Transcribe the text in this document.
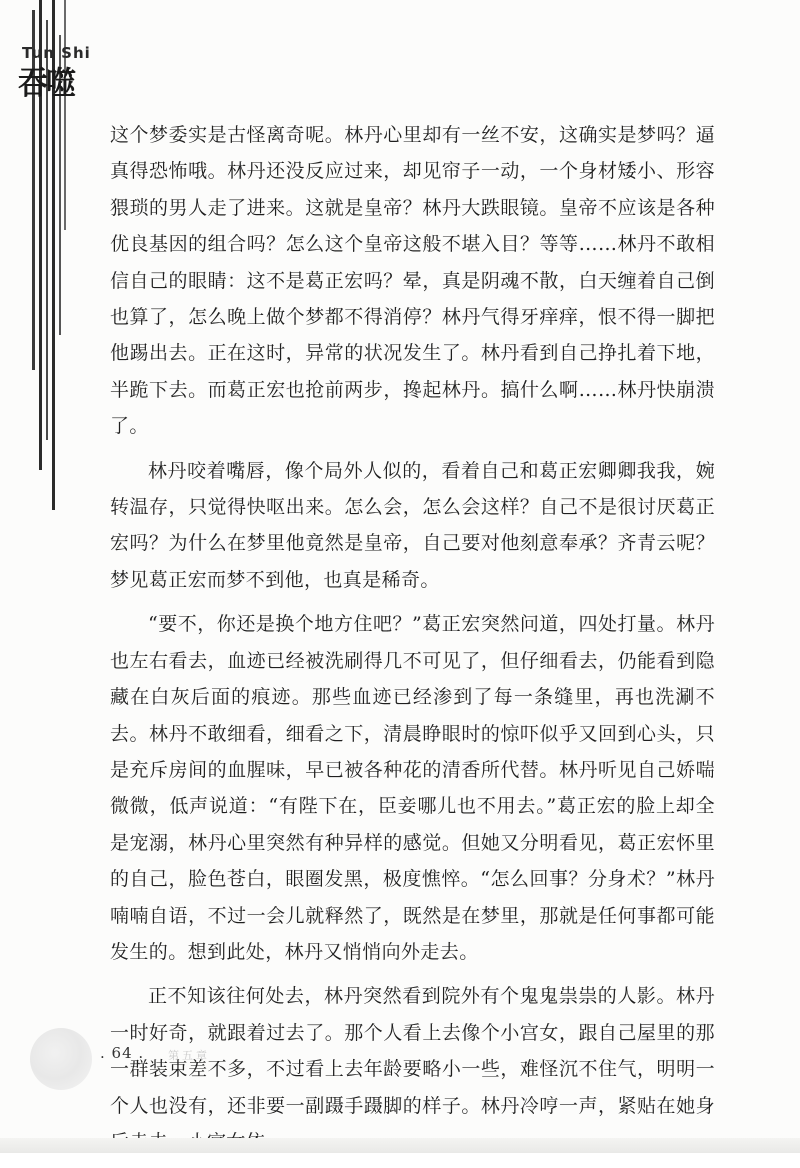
Tun Shi
吞噬

这个梦委实是古怪离奇呢。林丹心里却有一丝不安，这确实是梦吗？逼真得恐怖哦。林丹还没反应过来，却见帘子一动，一个身材矮小、形容猥琐的男人走了进来。这就是皇帝？林丹大跌眼镜。皇帝不应该是各种优良基因的组合吗？怎么这个皇帝这般不堪入目？等等……林丹不敢相信自己的眼睛：这不是葛正宏吗？晕，真是阴魂不散，白天缠着自己倒也算了，怎么晚上做个梦都不得消停？林丹气得牙痒痒，恨不得一脚把他踢出去。正在这时，异常的状况发生了。林丹看到自己挣扎着下地，半跪下去。而葛正宏也抢前两步，搀起林丹。搞什么啊……林丹快崩溃了。

林丹咬着嘴唇，像个局外人似的，看着自己和葛正宏卿卿我我，婉转温存，只觉得快呕出来。怎么会，怎么会这样？自己不是很讨厌葛正宏吗？为什么在梦里他竟然是皇帝，自己要对他刻意奉承？齐青云呢？梦见葛正宏而梦不到他，也真是稀奇。

“要不，你还是换个地方住吧？”葛正宏突然问道，四处打量。林丹也左右看去，血迹已经被洗刷得几不可见了，但仔细看去，仍能看到隐藏在白灰后面的痕迹。那些血迹已经渗到了每一条缝里，再也洗涮不去。林丹不敢细看，细看之下，清晨睁眼时的惊吓似乎又回到心头，只是充斥房间的血腥味，早已被各种花的清香所代替。林丹听见自己娇喘微微，低声说道：“有陛下在，臣妾哪儿也不用去。”葛正宏的脸上却全是宠溺，林丹心里突然有种异样的感觉。但她又分明看见，葛正宏怀里的自己，脸色苍白，眼圈发黑，极度憔悴。“怎么回事？分身术？”林丹喃喃自语，不过一会儿就释然了，既然是在梦里，那就是任何事都可能发生的。想到此处，林丹又悄悄向外走去。

正不知该往何处去，林丹突然看到院外有个鬼鬼祟祟的人影。林丹一时好奇，就跟着过去了。那个人看上去像个小宫女，跟自己屋里的那一群装束差不多，不过看上去年龄要略小一些，难怪沉不住气，明明一个人也没有，还非要一副蹑手蹑脚的样子。林丹冷哼一声，紧贴在她身

. 64 . 第五章
